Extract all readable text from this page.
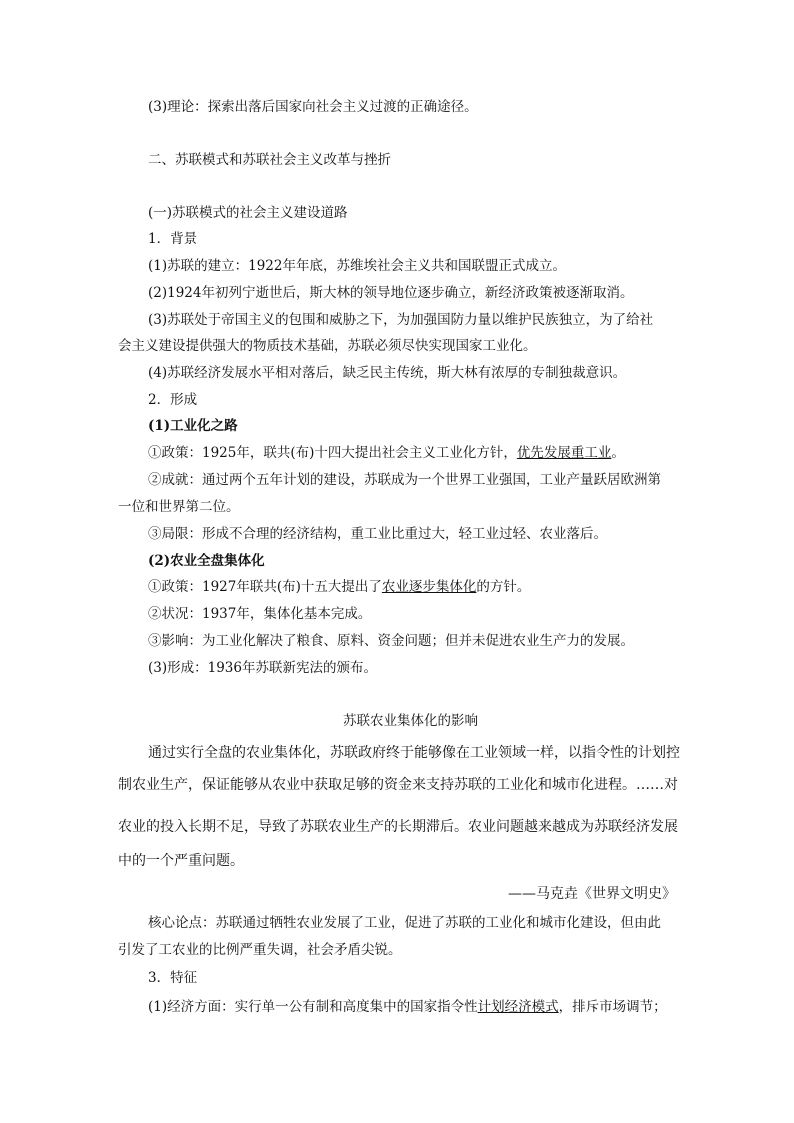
(3)理论：探索出落后国家向社会主义过渡的正确途径。
二、苏联模式和苏联社会主义改革与挫折
(一)苏联模式的社会主义建设道路
1．背景
(1)苏联的建立：1922年年底，苏维埃社会主义共和国联盟正式成立。
(2)1924年初列宁逝世后，斯大林的领导地位逐步确立，新经济政策被逐渐取消。
(3)苏联处于帝国主义的包围和威胁之下，为加强国防力量以维护民族独立，为了给社
会主义建设提供强大的物质技术基础，苏联必须尽快实现国家工业化。
(4)苏联经济发展水平相对落后，缺乏民主传统，斯大林有浓厚的专制独裁意识。
2．形成
(1)工业化之路
①政策：1925年，联共(布)十四大提出社会主义工业化方针，优先发展重工业。
②成就：通过两个五年计划的建设，苏联成为一个世界工业强国，工业产量跃居欧洲第
一位和世界第二位。
③局限：形成不合理的经济结构，重工业比重过大，轻工业过轻、农业落后。
(2)农业全盘集体化
①政策：1927年联共(布)十五大提出了农业逐步集体化的方针。
②状况：1937年，集体化基本完成。
③影响：为工业化解决了粮食、原料、资金问题；但并未促进农业生产力的发展。
(3)形成：1936年苏联新宪法的颁布。
苏联农业集体化的影响
通过实行全盘的农业集体化，苏联政府终于能够像在工业领域一样，以指令性的计划控
制农业生产，保证能够从农业中获取足够的资金来支持苏联的工业化和城市化进程。……对
农业的投入长期不足，导致了苏联农业生产的长期滞后。农业问题越来越成为苏联经济发展
中的一个严重问题。
——马克垚《世界文明史》
核心论点：苏联通过牺牲农业发展了工业，促进了苏联的工业化和城市化建设，但由此
引发了工农业的比例严重失调，社会矛盾尖锐。
3．特征
(1)经济方面：实行单一公有制和高度集中的国家指令性计划经济模式，排斥市场调节；
